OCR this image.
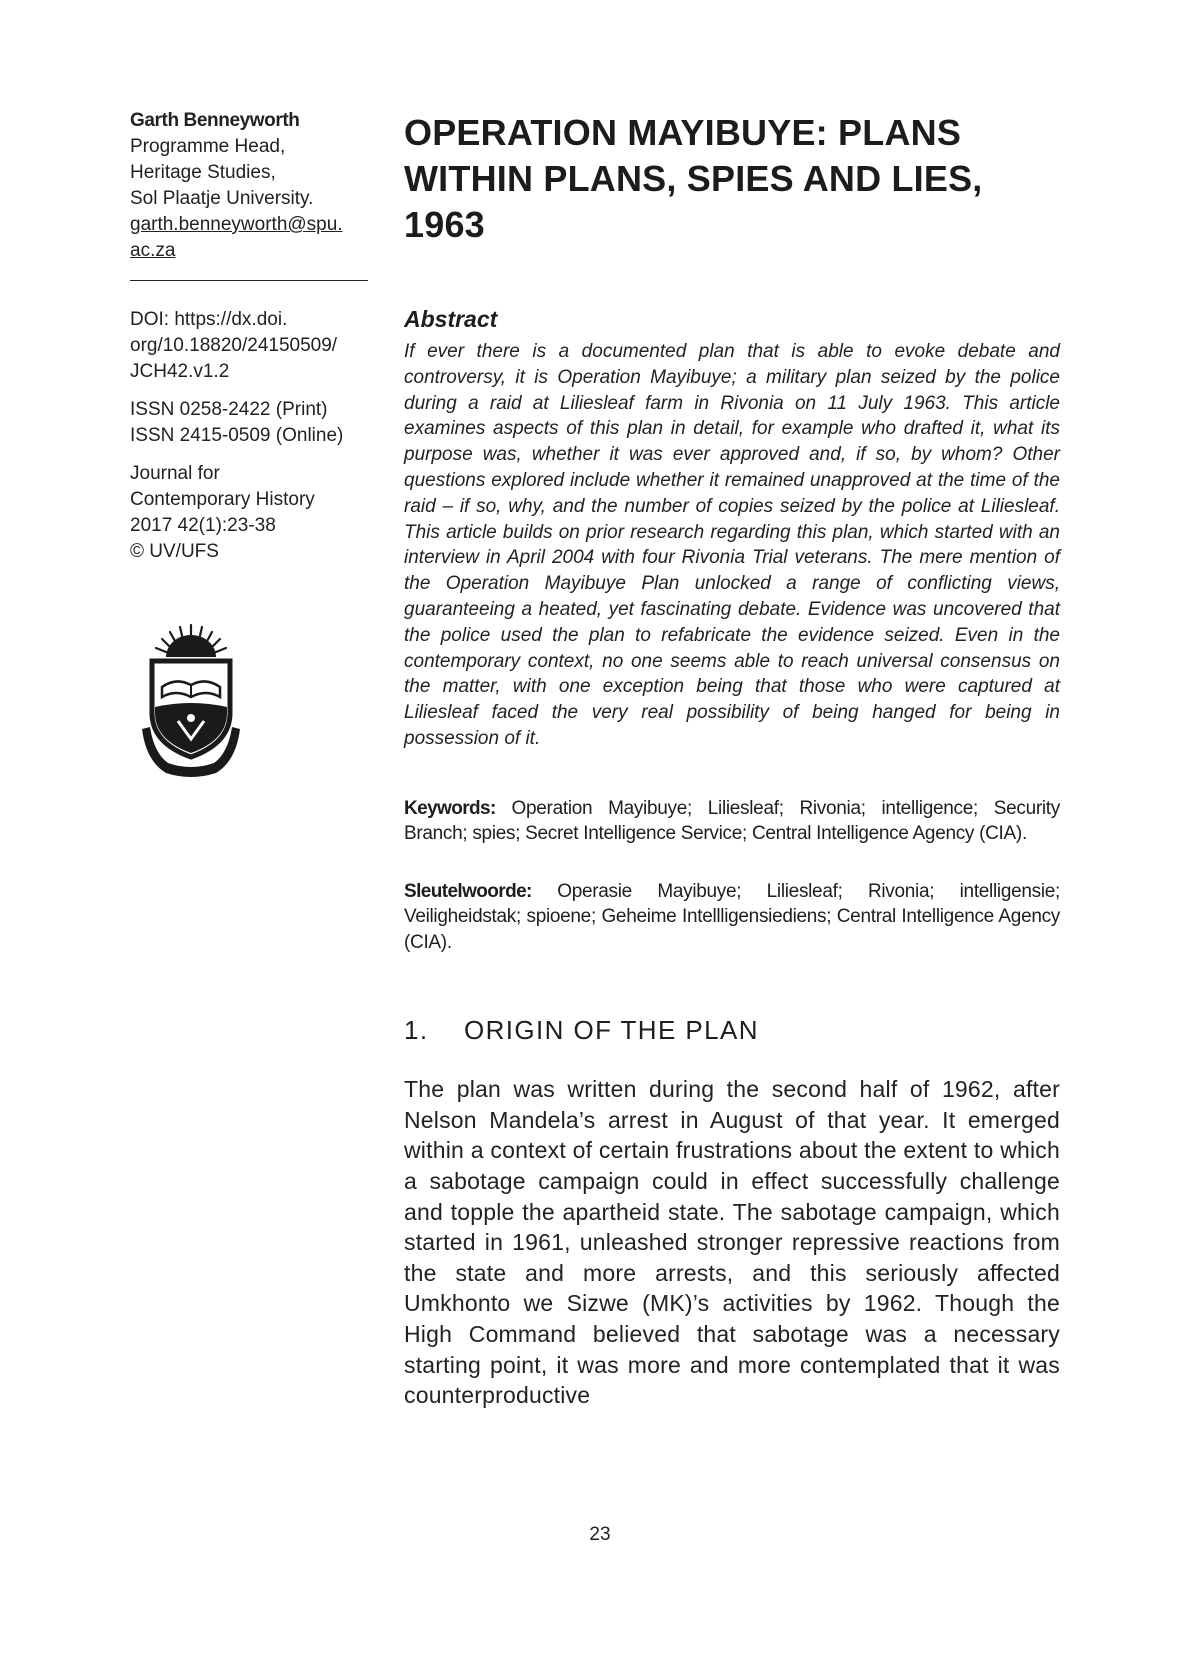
Garth Benneyworth
Programme Head,
Heritage Studies,
Sol Plaatje University.
garth.benneyworth@spu.
ac.za
DOI: https://dx.doi.
org/10.18820/24150509/
JCH42.v1.2
ISSN 0258-2422 (Print)
ISSN 2415-0509 (Online)
Journal for
Contemporary History
2017 42(1):23-38
© UV/UFS
OPERATION MAYIBUYE: PLANS
WITHIN PLANS, SPIES AND LIES,
1963
Abstract

If ever there is a documented plan that is able to evoke debate and controversy, it is Operation Mayibuye; a military plan seized by the police during a raid at Liliesleaf farm in Rivonia on 11 July 1963. This article examines aspects of this plan in detail, for example who drafted it, what its purpose was, whether it was ever approved and, if so, by whom? Other questions explored include whether it remained unapproved at the time of the raid – if so, why, and the number of copies seized by the police at Liliesleaf. This article builds on prior research regarding this plan, which started with an interview in April 2004 with four Rivonia Trial veterans. The mere mention of the Operation Mayibuye Plan unlocked a range of conflicting views, guaranteeing a heated, yet fascinating debate. Evidence was uncovered that the police used the plan to refabricate the evidence seized. Even in the contemporary context, no one seems able to reach universal consensus on the matter, with one exception being that those who were captured at Liliesleaf faced the very real possibility of being hanged for being in possession of it.

Keywords: Operation Mayibuye; Liliesleaf; Rivonia; intelligence; Security Branch; spies; Secret Intelligence Service; Central Intelligence Agency (CIA).

Sleutelwoorde: Operasie Mayibuye; Liliesleaf; Rivonia; intelligensie; Veiligheidstak; spioene; Geheime Intellligensiediens; Central Intelligence Agency (CIA).

1. ORIGIN OF THE PLAN

The plan was written during the second half of 1962, after Nelson Mandela’s arrest in August of that year. It emerged within a context of certain frustrations about the extent to which a sabotage campaign could in effect successfully challenge and topple the apartheid state. The sabotage campaign, which started in 1961, unleashed stronger repressive reactions from the state and more arrests, and this seriously affected Umkhonto we Sizwe (MK)’s activities by 1962. Though the High Command believed that sabotage was a necessary starting point, it was more and more contemplated that it was counterproductive

23
